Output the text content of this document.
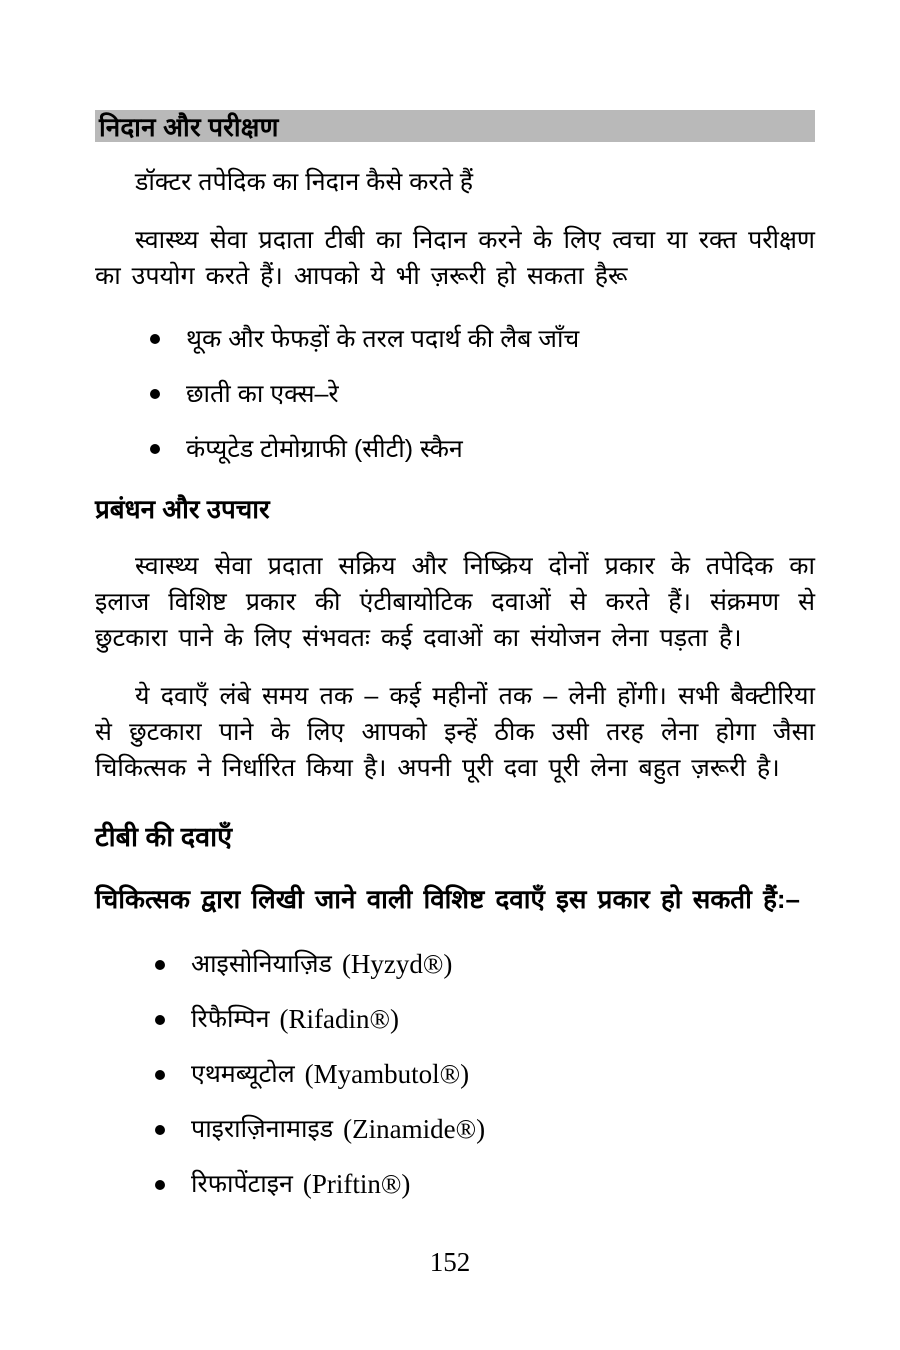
निदान और परीक्षण
डॉक्टर तपेदिक का निदान कैसे करते हैं
स्वास्थ्य सेवा प्रदाता टीबी का निदान करने के लिए त्वचा या रक्त परीक्षण का उपयोग करते हैं। आपको ये भी ज़रूरी हो सकता हैरू
थूक और फेफड़ों के तरल पदार्थ की लैब जाँच
छाती का एक्स–रे
कंप्यूटेड टोमोग्राफी (सीटी) स्कैन
प्रबंधन और उपचार
स्वास्थ्य सेवा प्रदाता सक्रिय और निष्क्रिय दोनों प्रकार के तपेदिक का इलाज विशिष्ट प्रकार की एंटीबायोटिक दवाओं से करते हैं। संक्रमण से छुटकारा पाने के लिए संभवतः कई दवाओं का संयोजन लेना पड़ता है।
ये दवाएँ लंबे समय तक – कई महीनों तक – लेनी होंगी। सभी बैक्टीरिया से छुटकारा पाने के लिए आपको इन्हें ठीक उसी तरह लेना होगा जैसा चिकित्सक ने निर्धारित किया है। अपनी पूरी दवा पूरी लेना बहुत ज़रूरी है।
टीबी की दवाएँ
चिकित्सक द्वारा लिखी जाने वाली विशिष्ट दवाएँ इस प्रकार हो सकती हैं:–
आइसोनियाज़िड (Hyzyd®)
रिफैम्पिन (Rifadin®)
एथमब्यूटोल (Myambutol®)
पाइराज़िनामाइड (Zinamide®)
रिफापेंटाइन (Priftin®)
152
